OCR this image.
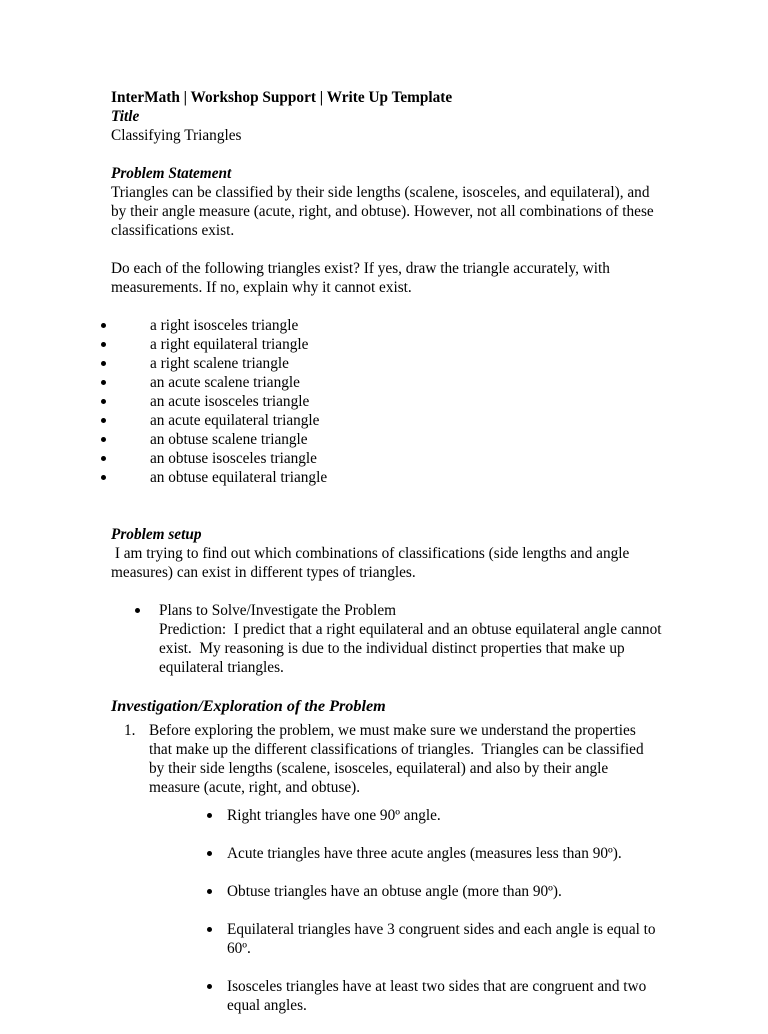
InterMath | Workshop Support | Write Up Template
Title
Classifying Triangles
Problem Statement
Triangles can be classified by their side lengths (scalene, isosceles, and equilateral), and
by their angle measure (acute, right, and obtuse). However, not all combinations of these
classifications exist.
Do each of the following triangles exist? If yes, draw the triangle accurately, with
measurements. If no, explain why it cannot exist.
a right isosceles triangle
a right equilateral triangle
a right scalene triangle
an acute scalene triangle
an acute isosceles triangle
an acute equilateral triangle
an obtuse scalene triangle
an obtuse isosceles triangle
an obtuse equilateral triangle
Problem setup
I am trying to find out which combinations of classifications (side lengths and angle
measures) can exist in different types of triangles.
Plans to Solve/Investigate the Problem
Prediction:  I predict that a right equilateral and an obtuse equilateral angle cannot
exist.  My reasoning is due to the individual distinct properties that make up
equilateral triangles.
Investigation/Exploration of the Problem
1. Before exploring the problem, we must make sure we understand the properties
that make up the different classifications of triangles.  Triangles can be classified
by their side lengths (scalene, isosceles, equilateral) and also by their angle
measure (acute, right, and obtuse).
Right triangles have one 90º angle.
Acute triangles have three acute angles (measures less than 90º).
Obtuse triangles have an obtuse angle (more than 90º).
Equilateral triangles have 3 congruent sides and each angle is equal to 60º.
Isosceles triangles have at least two sides that are congruent and two equal angles.
